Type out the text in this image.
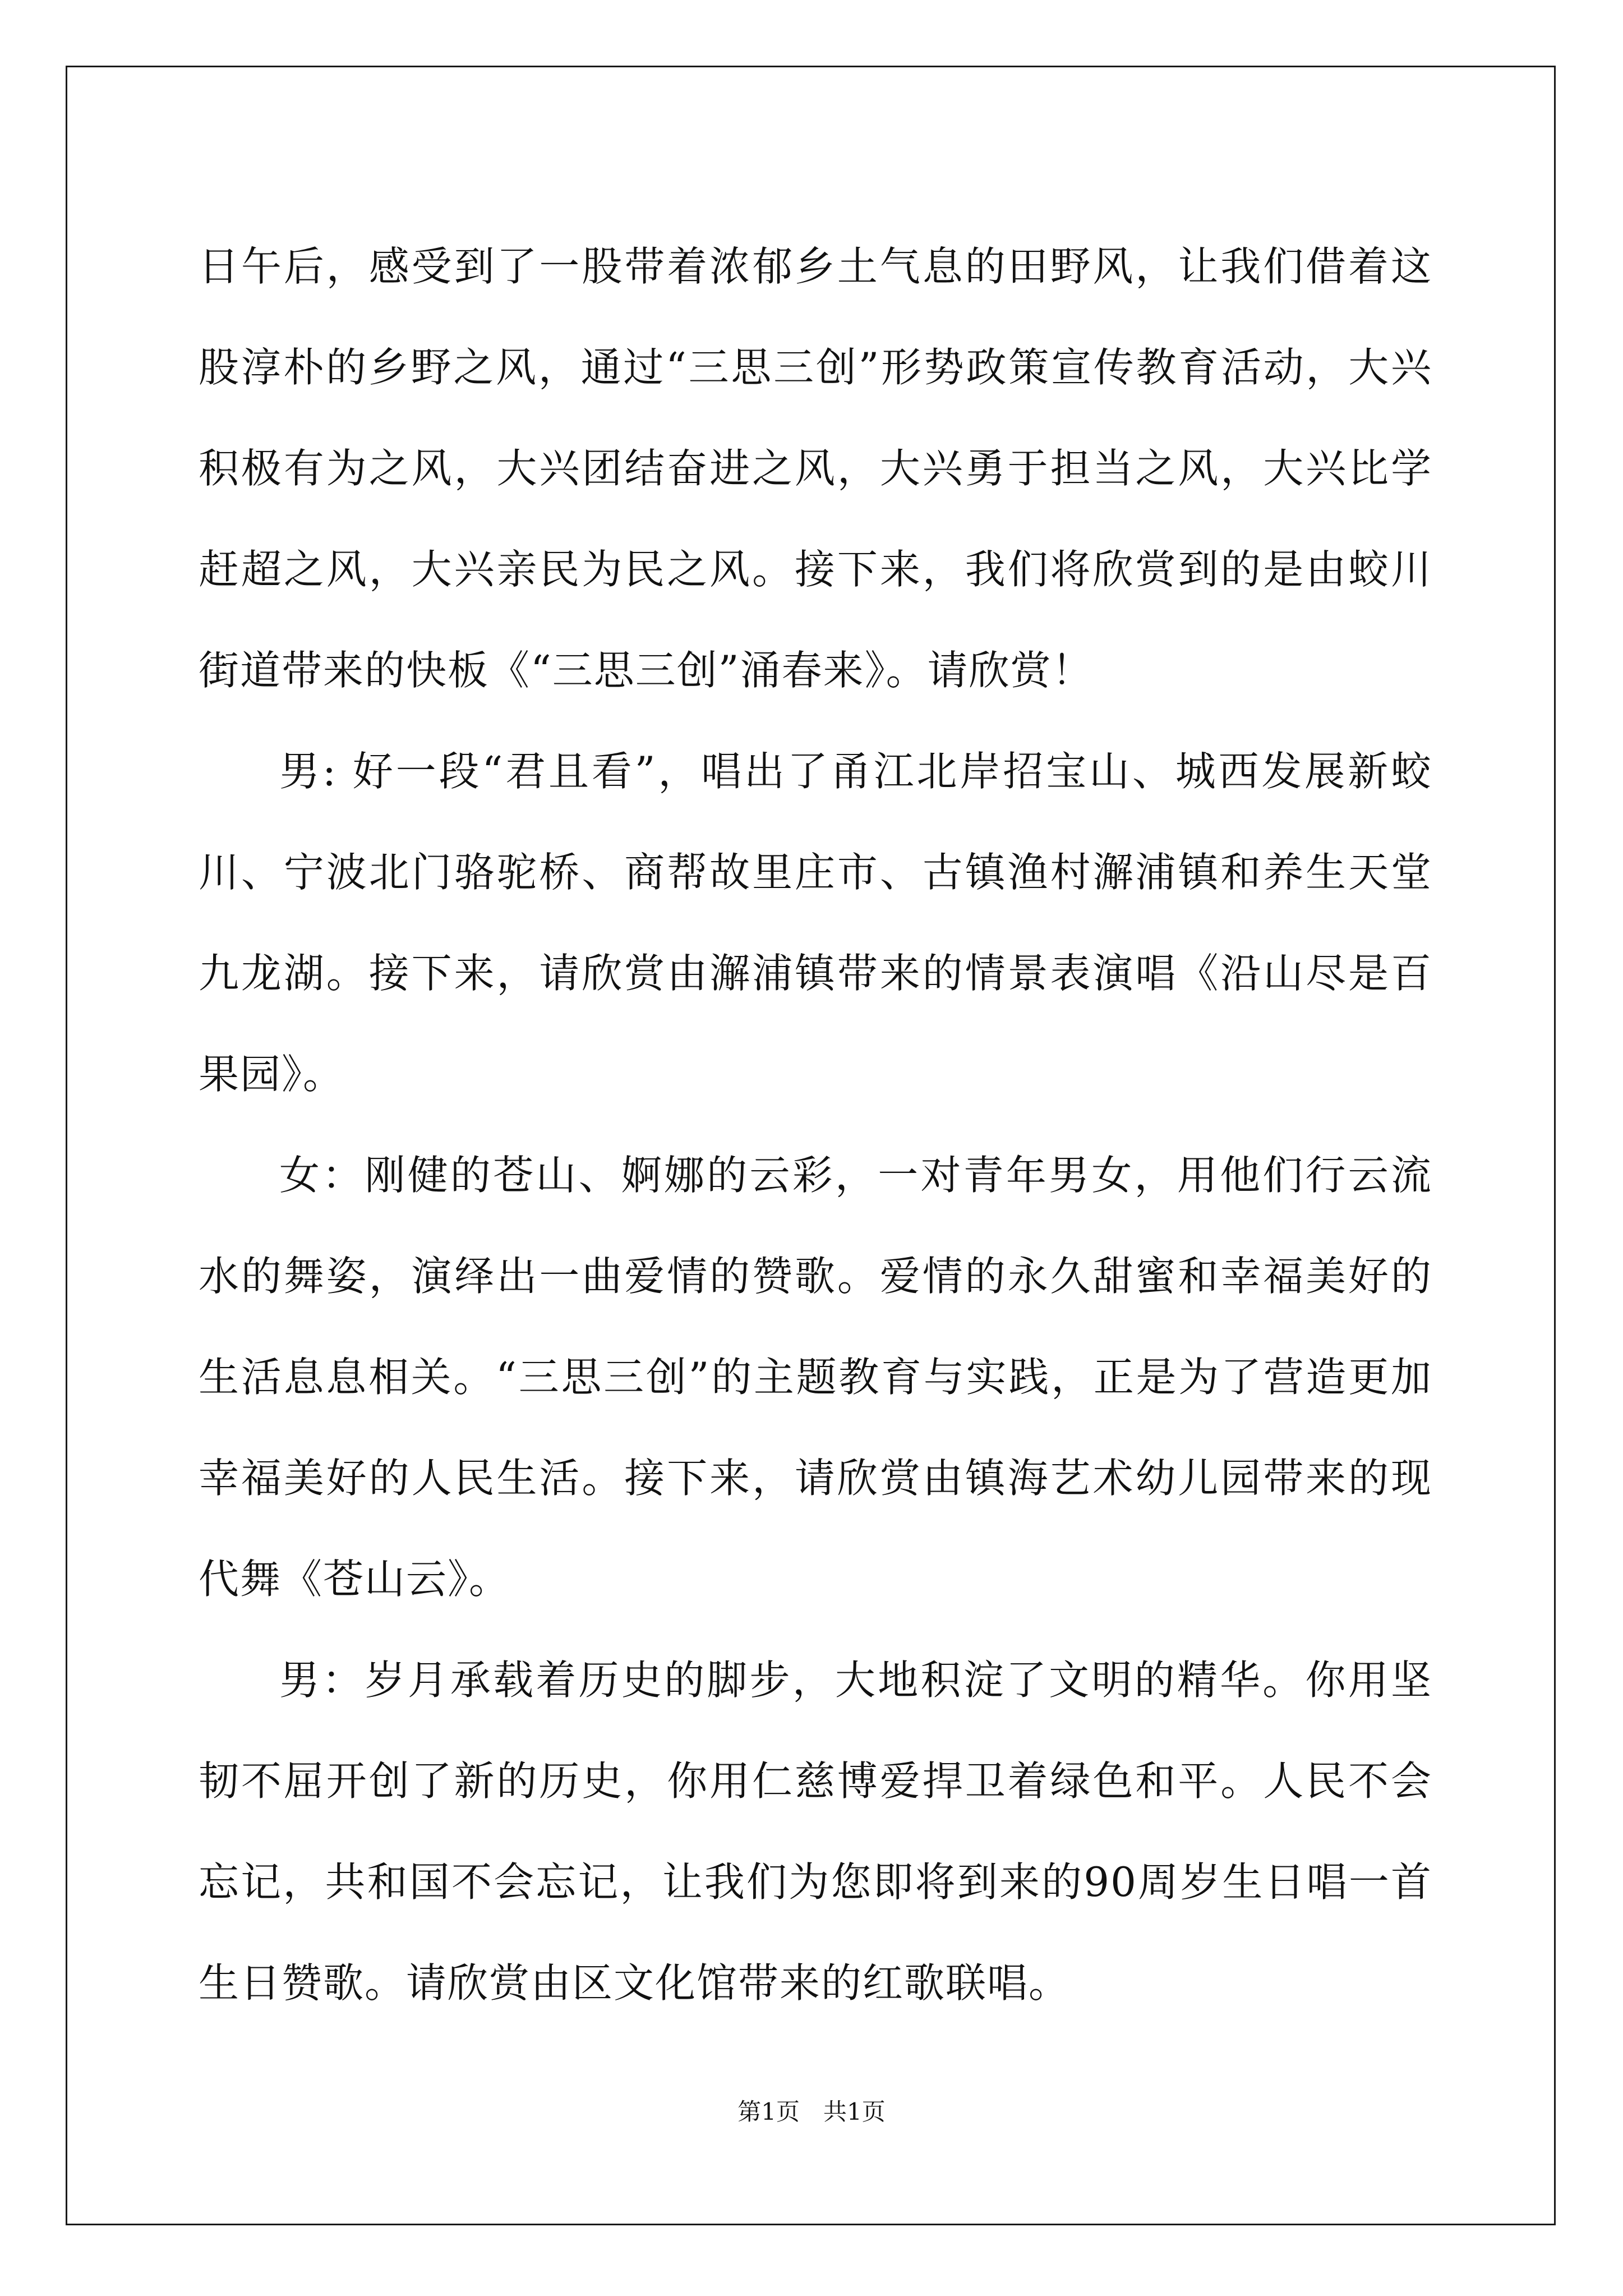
日午后，感受到了一股带着浓郁乡土气息的田野风，让我们借着这股淳朴的乡野之风，通过“三思三创”形势政策宣传教育活动，大兴积极有为之风，大兴团结奋进之风，大兴勇于担当之风，大兴比学赶超之风，大兴亲民为民之风。接下来，我们将欣赏到的是由蛟川街道带来的快板《“三思三创”涌春来》。请欣赏！

男: 好一段“君且看”，唱出了甬江北岸招宝山、城西发展新蛟川、宁波北门骆驼桥、商帮故里庄市、古镇渔村澥浦镇和养生天堂九龙湖。接下来，请欣赏由澥浦镇带来的情景表演唱《沿山尽是百果园》。

女：刚健的苍山、婀娜的云彩，一对青年男女，用他们行云流水的舞姿，演绎出一曲爱情的赞歌。爱情的永久甜蜜和幸福美好的生活息息相关。“三思三创”的主题教育与实践，正是为了营造更加幸福美好的人民生活。接下来，请欣赏由镇海艺术幼儿园带来的现代舞《苍山云》。

男：岁月承载着历史的脚步，大地积淀了文明的精华。你用坚韧不屈开创了新的历史，你用仁慈博爱捍卫着绿色和平。人民不会忘记，共和国不会忘记，让我们为您即将到来的90周岁生日唱一首生日赞歌。请欣赏由区文化馆带来的红歌联唱。

第1页　共1页
